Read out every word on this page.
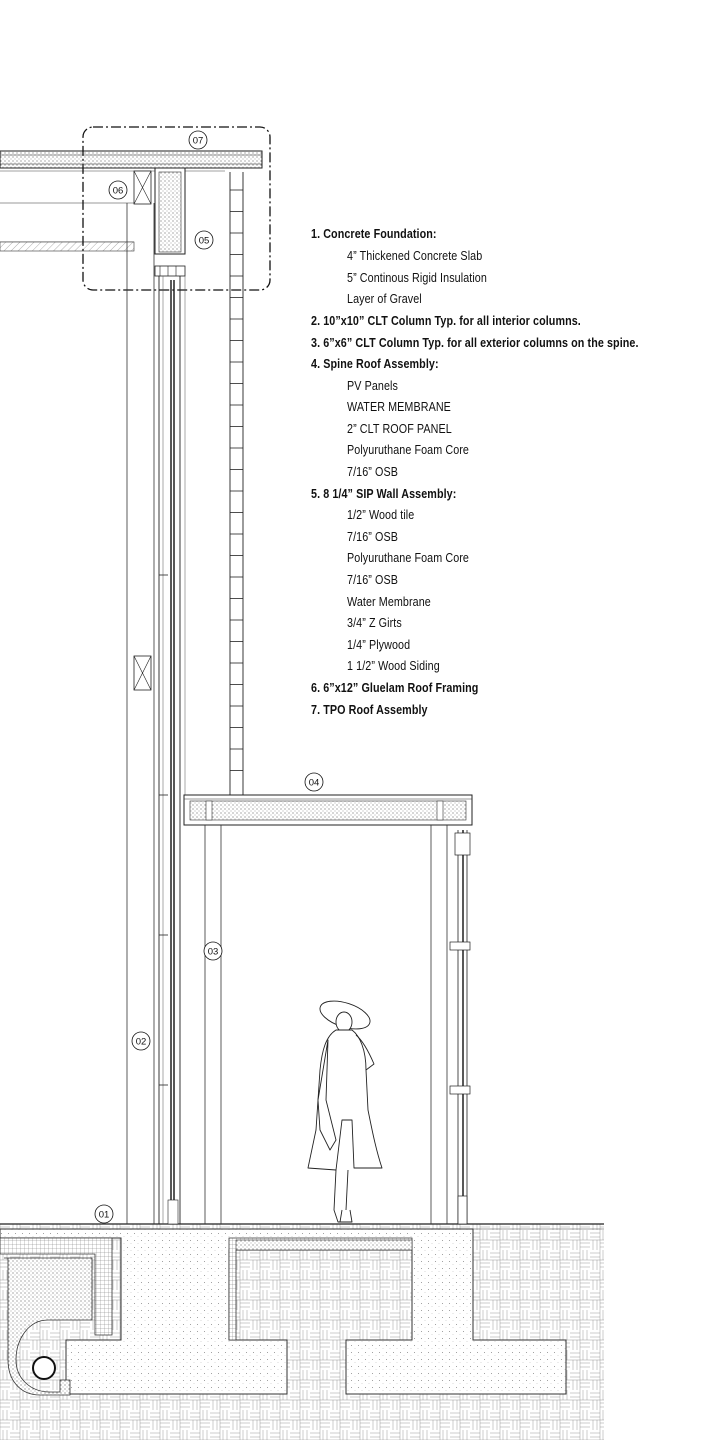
01
02
03
04
05
06
07
1. Concrete Foundation:
4” Thickened Concrete Slab
5” Continous Rigid Insulation
Layer of Gravel
2. 10”x10” CLT Column Typ. for all interior columns.
3. 6”x6” CLT Column Typ. for all exterior columns on the spine.
4. Spine Roof Assembly:
PV Panels
WATER MEMBRANE
2” CLT ROOF PANEL
Polyuruthane Foam Core
7/16” OSB
5. 8 1/4” SIP Wall Assembly:
1/2” Wood tile
7/16” OSB
Polyuruthane Foam Core
7/16” OSB
Water Membrane
3/4” Z Girts
1/4” Plywood
1 1/2” Wood Siding
6. 6”x12” Gluelam Roof Framing
7. TPO Roof Assembly
